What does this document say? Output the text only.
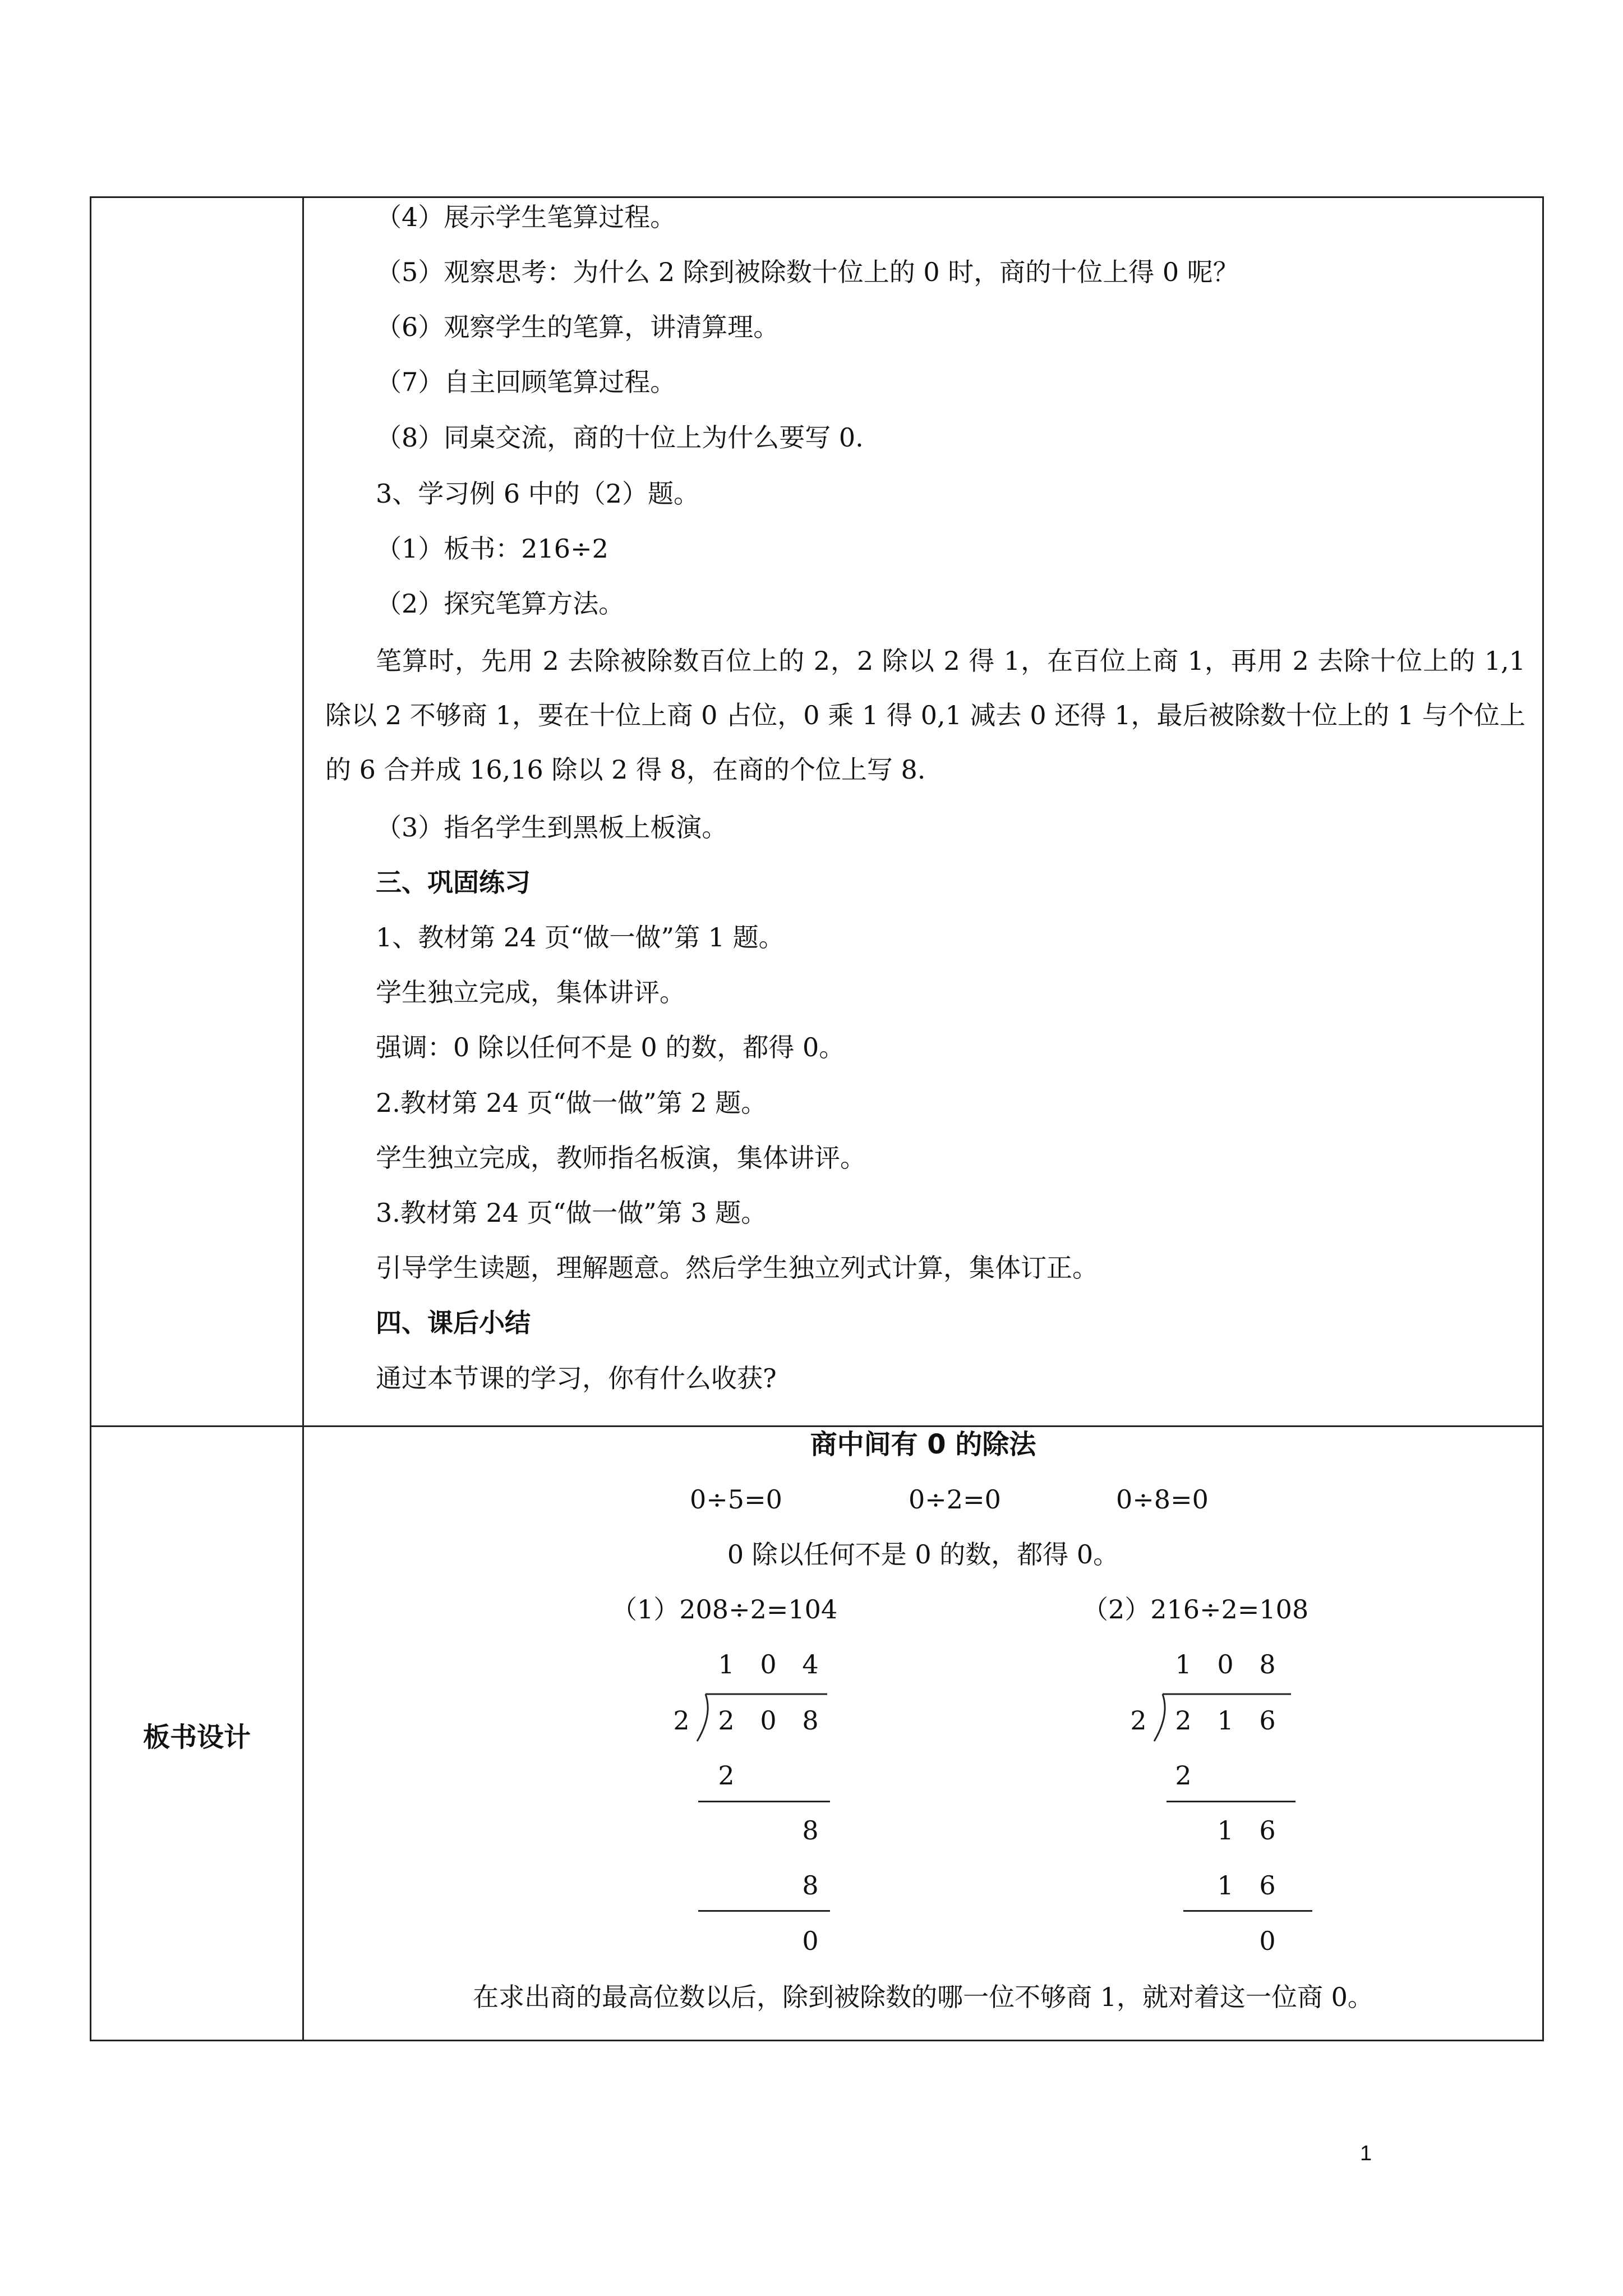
（4）展示学生笔算过程。
（5）观察思考：为什么 2 除到被除数十位上的 0 时，商的十位上得 0 呢？
（6）观察学生的笔算，讲清算理。
（7）自主回顾笔算过程。
（8）同桌交流，商的十位上为什么要写 0.
3、学习例 6 中的（2）题。
（1）板书：216÷2
（2）探究笔算方法。
笔算时，先用 2 去除被除数百位上的 2，2 除以 2 得 1，在百位上商 1，再用 2 去除十位上的 1,1 除以 2 不够商 1，要在十位上商 0 占位，0 乘 1 得 0,1 减去 0 还得 1，最后被除数十位上的 1 与个位上的 6 合并成 16,16 除以 2 得 8，在商的个位上写 8.
（3）指名学生到黑板上板演。
三、巩固练习
1、教材第 24 页“做一做”第 1 题。
学生独立完成，集体讲评。
强调：0 除以任何不是 0 的数，都得 0。
2.教材第 24 页“做一做”第 2 题。
学生独立完成，教师指名板演，集体讲评。
3.教材第 24 页“做一做”第 3 题。
引导学生读题，理解题意。然后学生独立列式计算，集体订正。
四、课后小结
通过本节课的学习，你有什么收获?
板书设计
商中间有 0 的除法
0÷5=0	0÷2=0	0÷8=0
0 除以任何不是 0 的数，都得 0。
（1）208÷2=104
1 0 4
2 2 0 8
2
8
8
0
（2）216÷2=108
1 0 8
2 2 1 6
2
1 6
1 6
0
在求出商的最高位数以后，除到被除数的哪一位不够商 1，就对着这一位商 0。
1
